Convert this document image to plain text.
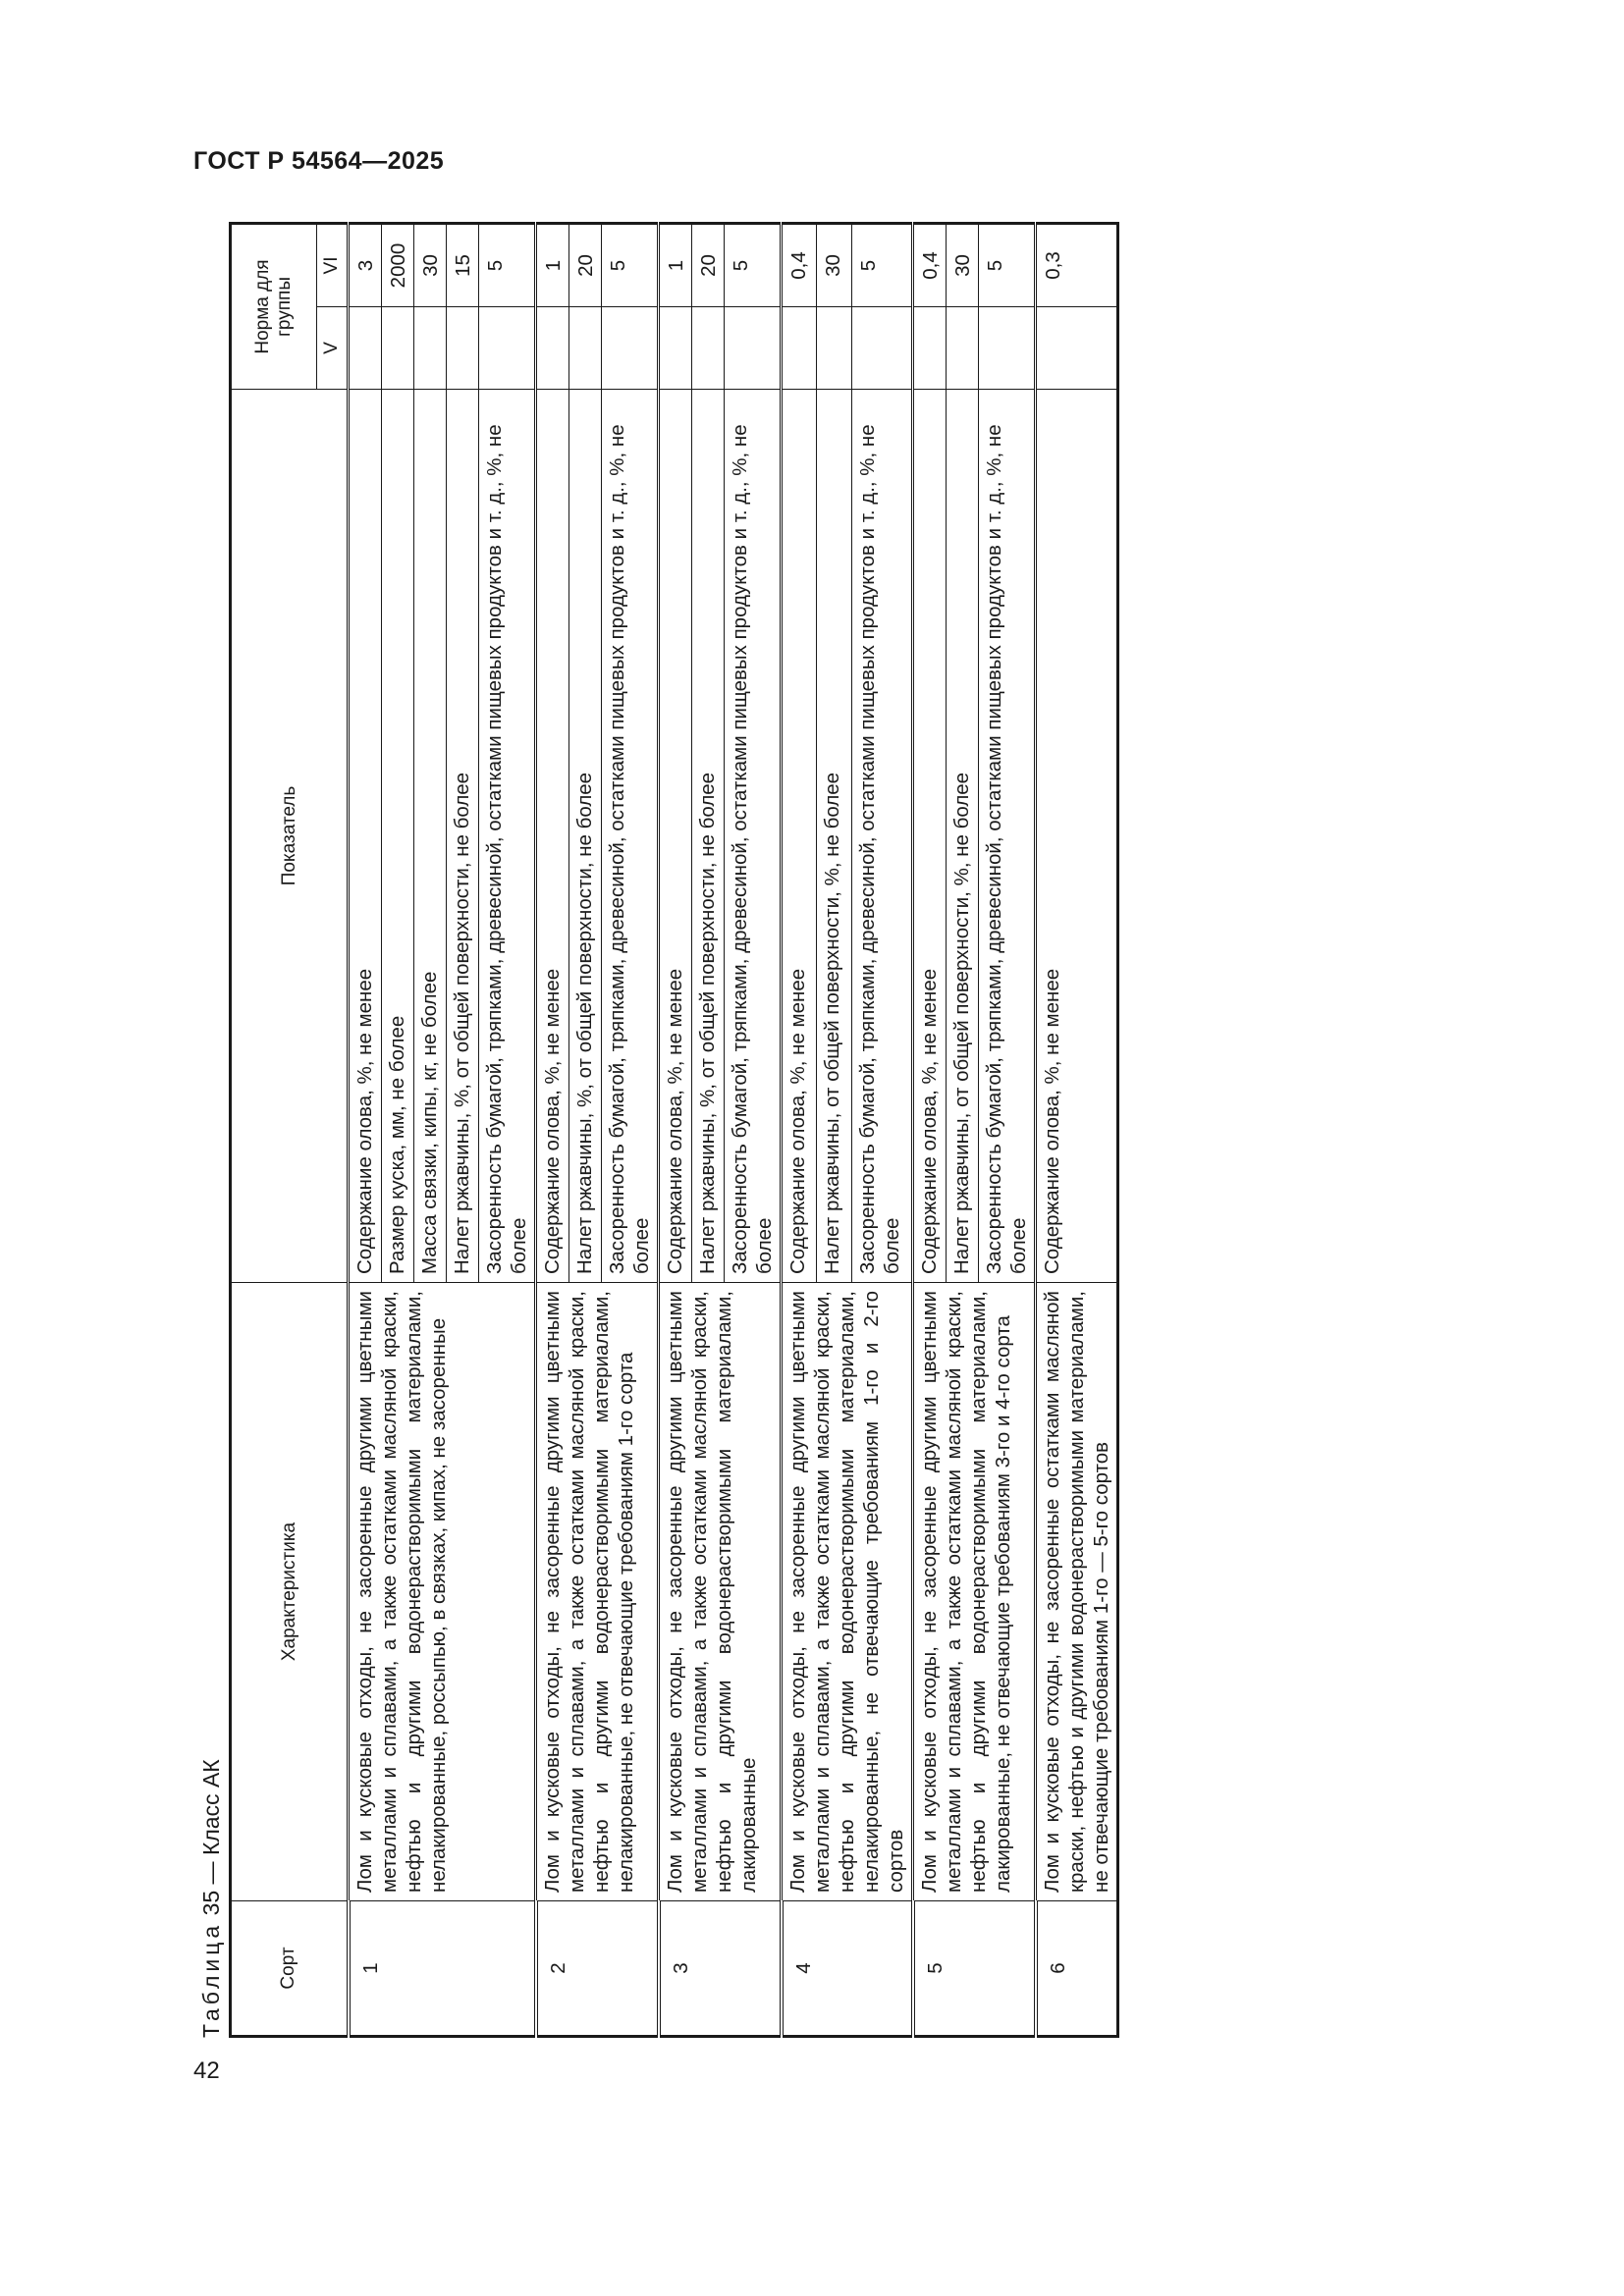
ГОСТ Р 54564—2025
Таблица 35 — Класс АК
Сорт	Характеристика	Показатель	Норма для группы	
			V	VI
1	Лом и кусковые отходы, не засоренные другими цветными металлами и сплавами, а также остатками масляной краски, нефтью и другими водонерастворимыми материалами, нелакированные, россыпью, в связках, кипах, не засоренные	Содержание олова, %, не менее		3
		Размер куска, мм, не более		2000
		Масса связки, кипы, кг, не более		30
		Налет ржавчины, %, от общей поверхности, не более		15
		Засоренность бумагой, тряпками, древесиной, остатками пищевых продуктов и т. д., %, не более		5
2	Лом и кусковые отходы, не засоренные другими цветными металлами и сплавами, а также остатками масляной краски, нефтью и другими водонерастворимыми материалами, нелакированные, не отвечающие требованиям 1-го сорта	Содержание олова, %, не менее		1
		Налет ржавчины, %, от общей поверхности, не более		20
		Засоренность бумагой, тряпками, древесиной, остатками пищевых продуктов и т. д., %, не более		5
3	Лом и кусковые отходы, не засоренные другими цветными металлами и сплавами, а также остатками масляной краски, нефтью и другими водонерастворимыми материалами, лакированные	Содержание олова, %, не менее		1
		Налет ржавчины, %, от общей поверхности, не более		20
		Засоренность бумагой, тряпками, древесиной, остатками пищевых продуктов и т. д., %, не более		5
4	Лом и кусковые отходы, не засоренные другими цветными металлами и сплавами, а также остатками масляной краски, нефтью и другими водонерастворимыми материалами, нелакированные, не отвечающие требованиям 1-го и 2-го сортов	Содержание олова, %, не менее		0,4
		Налет ржавчины, от общей поверхности, %, не более		30
		Засоренность бумагой, тряпками, древесиной, остатками пищевых продуктов и т. д., %, не более		5
5	Лом и кусковые отходы, не засоренные другими цветными металлами и сплавами, а также остатками масляной краски, нефтью и другими водонерастворимыми материалами, лакированные, не отвечающие требованиям 3-го и 4-го сорта	Содержание олова, %, не менее		0,4
		Налет ржавчины, от общей поверхности, %, не более		30
		Засоренность бумагой, тряпками, древесиной, остатками пищевых продуктов и т. д., %, не более		5
6	Лом и кусковые отходы, не засоренные остатками масляной краски, нефтью и другими водонерастворимыми материалами, не отвечающие требованиям 1-го — 5-го сортов	Содержание олова, %, не менее		0,3
42
